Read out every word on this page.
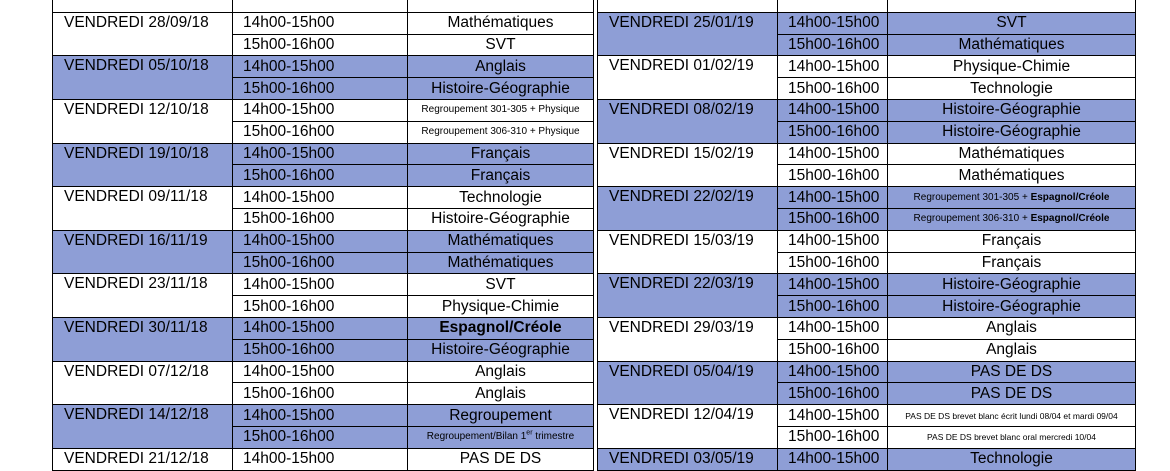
VENDREDI 28/09/18	14h00-15h00	Mathématiques
	15h00-16h00	SVT
VENDREDI 05/10/18	14h00-15h00	Anglais
	15h00-16h00	Histoire-Géographie
VENDREDI 12/10/18	14h00-15h00	Regroupement 301-305 + Physique
	15h00-16h00	Regroupement 306-310 + Physique
VENDREDI 19/10/18	14h00-15h00	Français
	15h00-16h00	Français
VENDREDI 09/11/18	14h00-15h00	Technologie
	15h00-16h00	Histoire-Géographie
VENDREDI 16/11/19	14h00-15h00	Mathématiques
	15h00-16h00	Mathématiques
VENDREDI 23/11/18	14h00-15h00	SVT
	15h00-16h00	Physique-Chimie
VENDREDI 30/11/18	14h00-15h00	Espagnol/Créole
	15h00-16h00	Histoire-Géographie
VENDREDI 07/12/18	14h00-15h00	Anglais
	15h00-16h00	Anglais
VENDREDI 14/12/18	14h00-15h00	Regroupement
	15h00-16h00	Regroupement/Bilan 1er trimestre
VENDREDI 21/12/18	14h00-15h00	PAS DE DS

VENDREDI 25/01/19	14h00-15h00	SVT
	15h00-16h00	Mathématiques
VENDREDI 01/02/19	14h00-15h00	Physique-Chimie
	15h00-16h00	Technologie
VENDREDI 08/02/19	14h00-15h00	Histoire-Géographie
	15h00-16h00	Histoire-Géographie
VENDREDI 15/02/19	14h00-15h00	Mathématiques
	15h00-16h00	Mathématiques
VENDREDI 22/02/19	14h00-15h00	Regroupement 301-305 + Espagnol/Créole
	15h00-16h00	Regroupement 306-310 + Espagnol/Créole
VENDREDI 15/03/19	14h00-15h00	Français
	15h00-16h00	Français
VENDREDI 22/03/19	14h00-15h00	Histoire-Géographie
	15h00-16h00	Histoire-Géographie
VENDREDI 29/03/19	14h00-15h00	Anglais
	15h00-16h00	Anglais
VENDREDI 05/04/19	14h00-15h00	PAS DE DS
	15h00-16h00	PAS DE DS
VENDREDI 12/04/19	14h00-15h00	PAS DE DS brevet blanc écrit lundi 08/04 et mardi 09/04
	15h00-16h00	PAS DE DS brevet blanc oral mercredi 10/04
VENDREDI 03/05/19	14h00-15h00	Technologie
